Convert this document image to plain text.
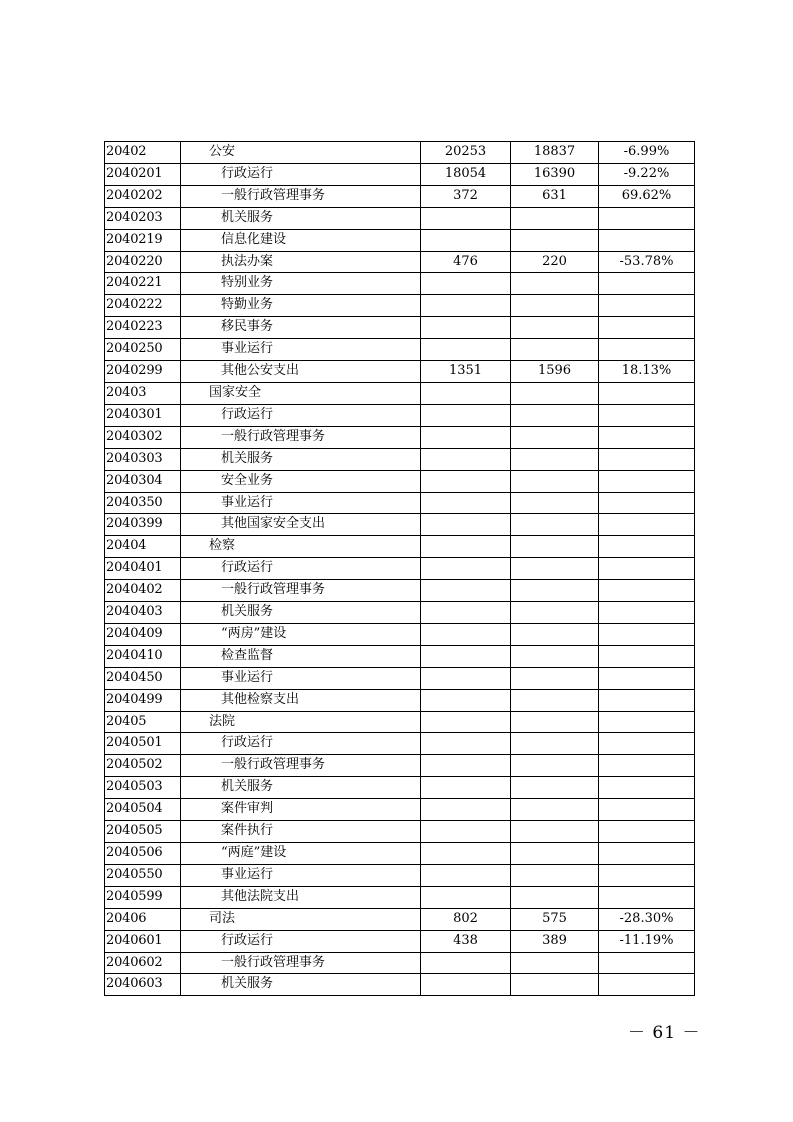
20402	公安	20253	18837	-6.99%
2040201	行政运行	18054	16390	-9.22%
2040202	一般行政管理事务	372	631	69.62%
2040203	机关服务			
2040219	信息化建设			
2040220	执法办案	476	220	-53.78%
2040221	特别业务			
2040222	特勤业务			
2040223	移民事务			
2040250	事业运行			
2040299	其他公安支出	1351	1596	18.13%
20403	国家安全			
2040301	行政运行			
2040302	一般行政管理事务			
2040303	机关服务			
2040304	安全业务			
2040350	事业运行			
2040399	其他国家安全支出			
20404	检察			
2040401	行政运行			
2040402	一般行政管理事务			
2040403	机关服务			
2040409	“两房”建设			
2040410	检查监督			
2040450	事业运行			
2040499	其他检察支出			
20405	法院			
2040501	行政运行			
2040502	一般行政管理事务			
2040503	机关服务			
2040504	案件审判			
2040505	案件执行			
2040506	“两庭”建设			
2040550	事业运行			
2040599	其他法院支出			
20406	司法	802	575	-28.30%
2040601	行政运行	438	389	-11.19%
2040602	一般行政管理事务			
2040603	机关服务			
－ 61 －
